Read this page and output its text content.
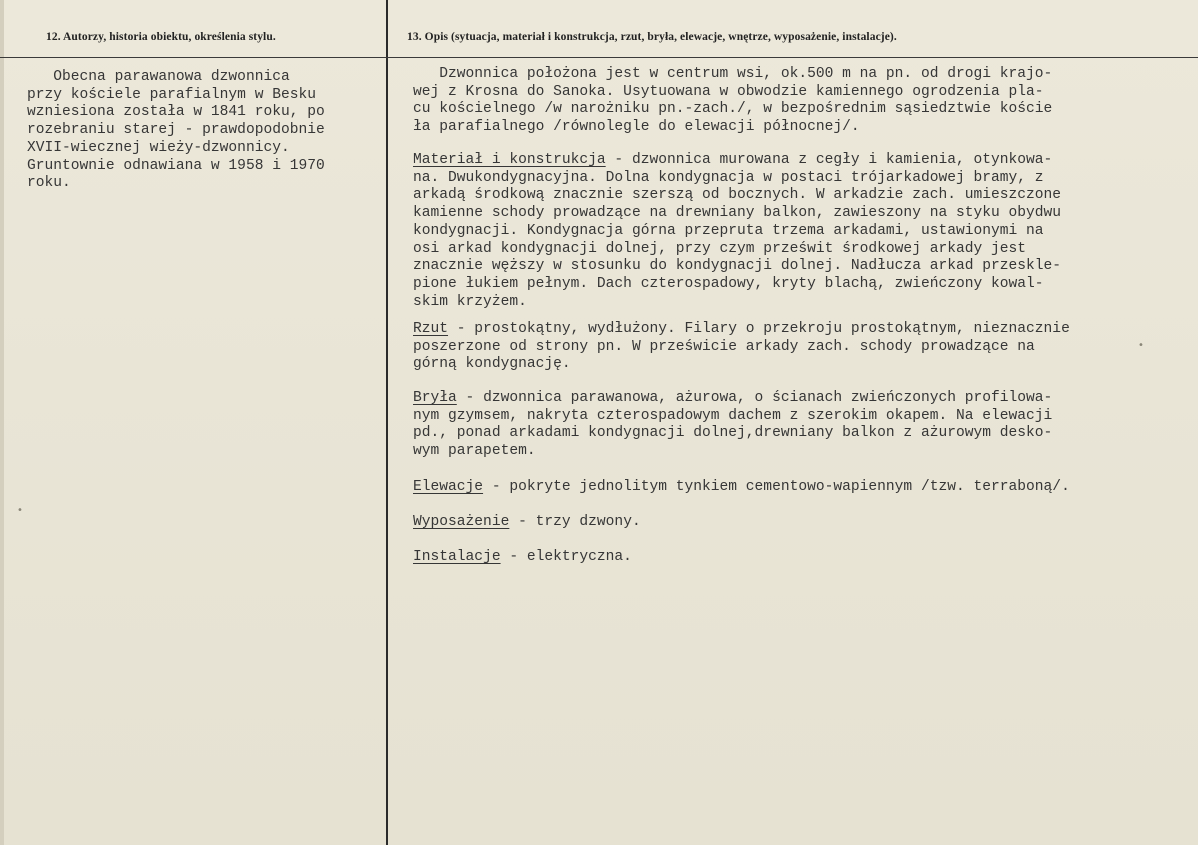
12. Autorzy, historia obiektu, określenia stylu.	13. Opis (sytuacja, materiał i konstrukcja, rzut, bryła, elewacje, wnętrze, wyposażenie, instalacje).
Obecna parawanowa dzwonnica
przy kościele parafialnym w Besku
wzniesiona została w 1841 roku, po
rozebraniu starej - prawdopodobnie
XVII-wiecznej wieży-dzwonnicy.
Gruntownie odnawiana w 1958 i 1970
roku.
Dzwonnica położona jest w centrum wsi, ok.500 m na pn. od drogi krajo-
wej z Krosna do Sanoka. Usytuowana w obwodzie kamiennego ogrodzenia pla-
cu kościelnego /w narożniku pn.-zach./, w bezpośrednim sąsiedztwie koście
ła parafialnego /równolegle do elewacji północnej/.
Materiał i konstrukcja - dzwonnica murowana z cegły i kamienia, otynkowa-
na. Dwukondygnacyjna. Dolna kondygnacja w postaci trójarkadowej bramy, z
arkadą środkową znacznie szerszą od bocznych. W arkadzie zach. umieszczone
kamienne schody prowadzące na drewniany balkon, zawieszony na styku obydwu
kondygnacji. Kondygnacja górna przepruta trzema arkadami, ustawionymi na
osi arkad kondygnacji dolnej, przy czym prześwit środkowej arkady jest
znacznie węższy w stosunku do kondygnacji dolnej. Nadłucza arkad przeskle-
pione łukiem pełnym. Dach czterospadowy, kryty blachą, zwieńczony kowal-
skim krzyżem.
Rzut - prostokątny, wydłużony. Filary o przekroju prostokątnym, nieznacznie
poszerzone od strony pn. W prześwicie arkady zach. schody prowadzące na
górną kondygnację.
Bryła - dzwonnica parawanowa, ażurowa, o ścianach zwieńczonych profilowa-
nym gzymsem, nakryta czterospadowym dachem z szerokim okapem. Na elewacji
pd., ponad arkadami kondygnacji dolnej,drewniany balkon z ażurowym desko-
wym parapetem.
Elewacje - pokryte jednolitym tynkiem cementowo-wapiennym /tzw. terraboną/.
Wyposażenie - trzy dzwony.
Instalacje - elektryczna.
•
•
